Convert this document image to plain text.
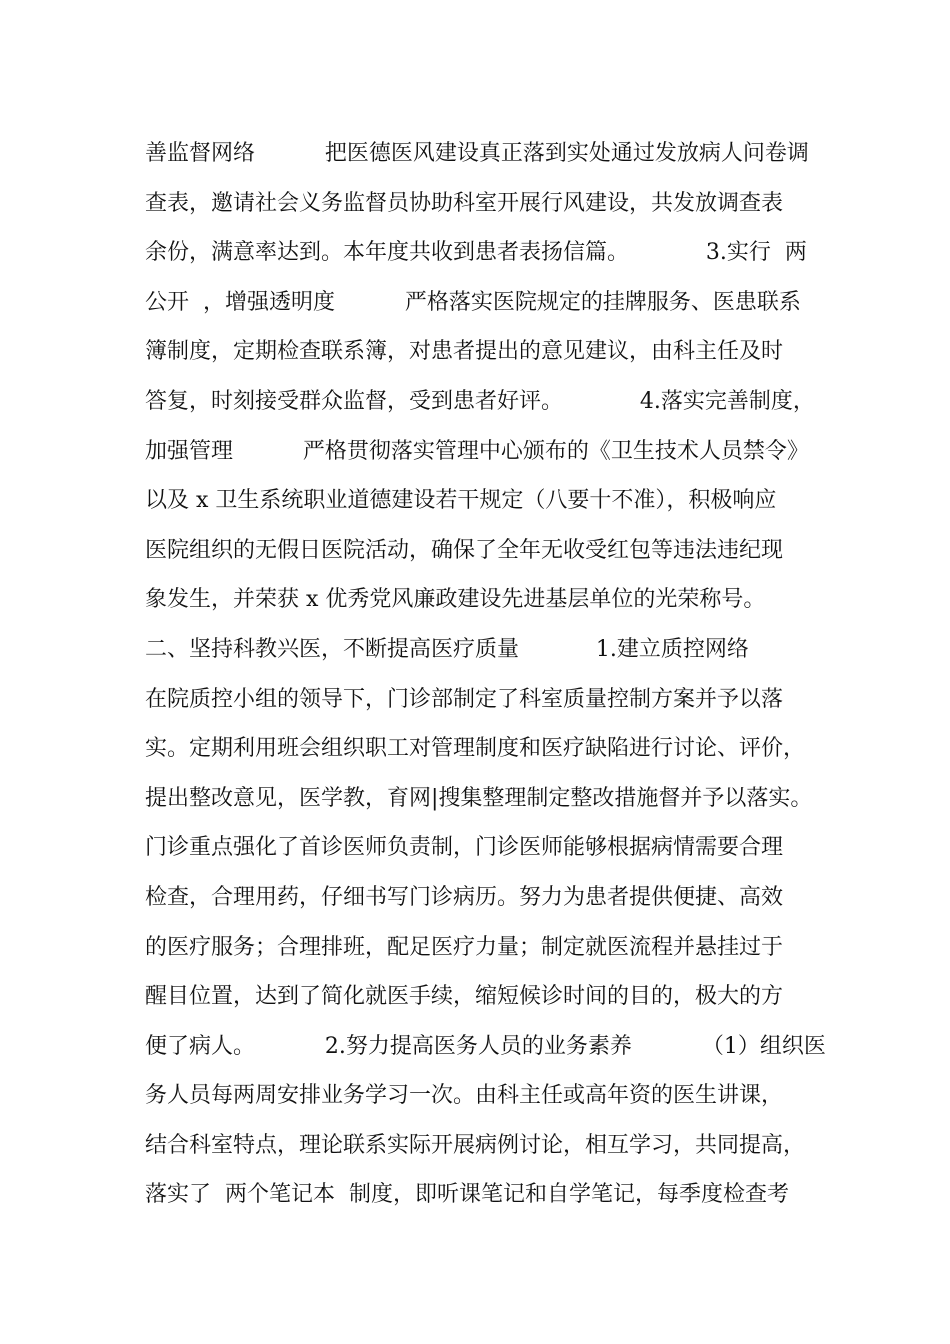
善监督网络          把医德医风建设真正落到实处通过发放病人问卷调
查表，邀请社会义务监督员协助科室开展行风建设，共发放调查表
余份，满意率达到。本年度共收到患者表扬信篇。           3.实行  两
公开  ，增强透明度          严格落实医院规定的挂牌服务、医患联系
簿制度，定期检查联系簿，对患者提出的意见建议，由科主任及时
答复，时刻接受群众监督，受到患者好评。           4.落实完善制度，
加强管理          严格贯彻落实管理中心颁布的《卫生技术人员禁令》
以及 x 卫生系统职业道德建设若干规定（八要十不准），积极响应
医院组织的无假日医院活动，确保了全年无收受红包等违法违纪现
象发生，并荣获 x 优秀党风廉政建设先进基层单位的光荣称号。
二、坚持科教兴医，不断提高医疗质量           1.建立质控网络
在院质控小组的领导下，门诊部制定了科室质量控制方案并予以落
实。定期利用班会组织职工对管理制度和医疗缺陷进行讨论、评价，
提出整改意见，医学教，育网|搜集整理制定整改措施督并予以落实。
门诊重点强化了首诊医师负责制，门诊医师能够根据病情需要合理
检查，合理用药，仔细书写门诊病历。努力为患者提供便捷、高效
的医疗服务；合理排班，配足医疗力量；制定就医流程并悬挂过于
醒目位置，达到了简化就医手续，缩短候诊时间的目的，极大的方
便了病人。          2.努力提高医务人员的业务素养          （1）组织医
务人员每两周安排业务学习一次。由科主任或高年资的医生讲课，
结合科室特点，理论联系实际开展病例讨论，相互学习，共同提高，
落实了  两个笔记本  制度，即听课笔记和自学笔记，每季度检查考
